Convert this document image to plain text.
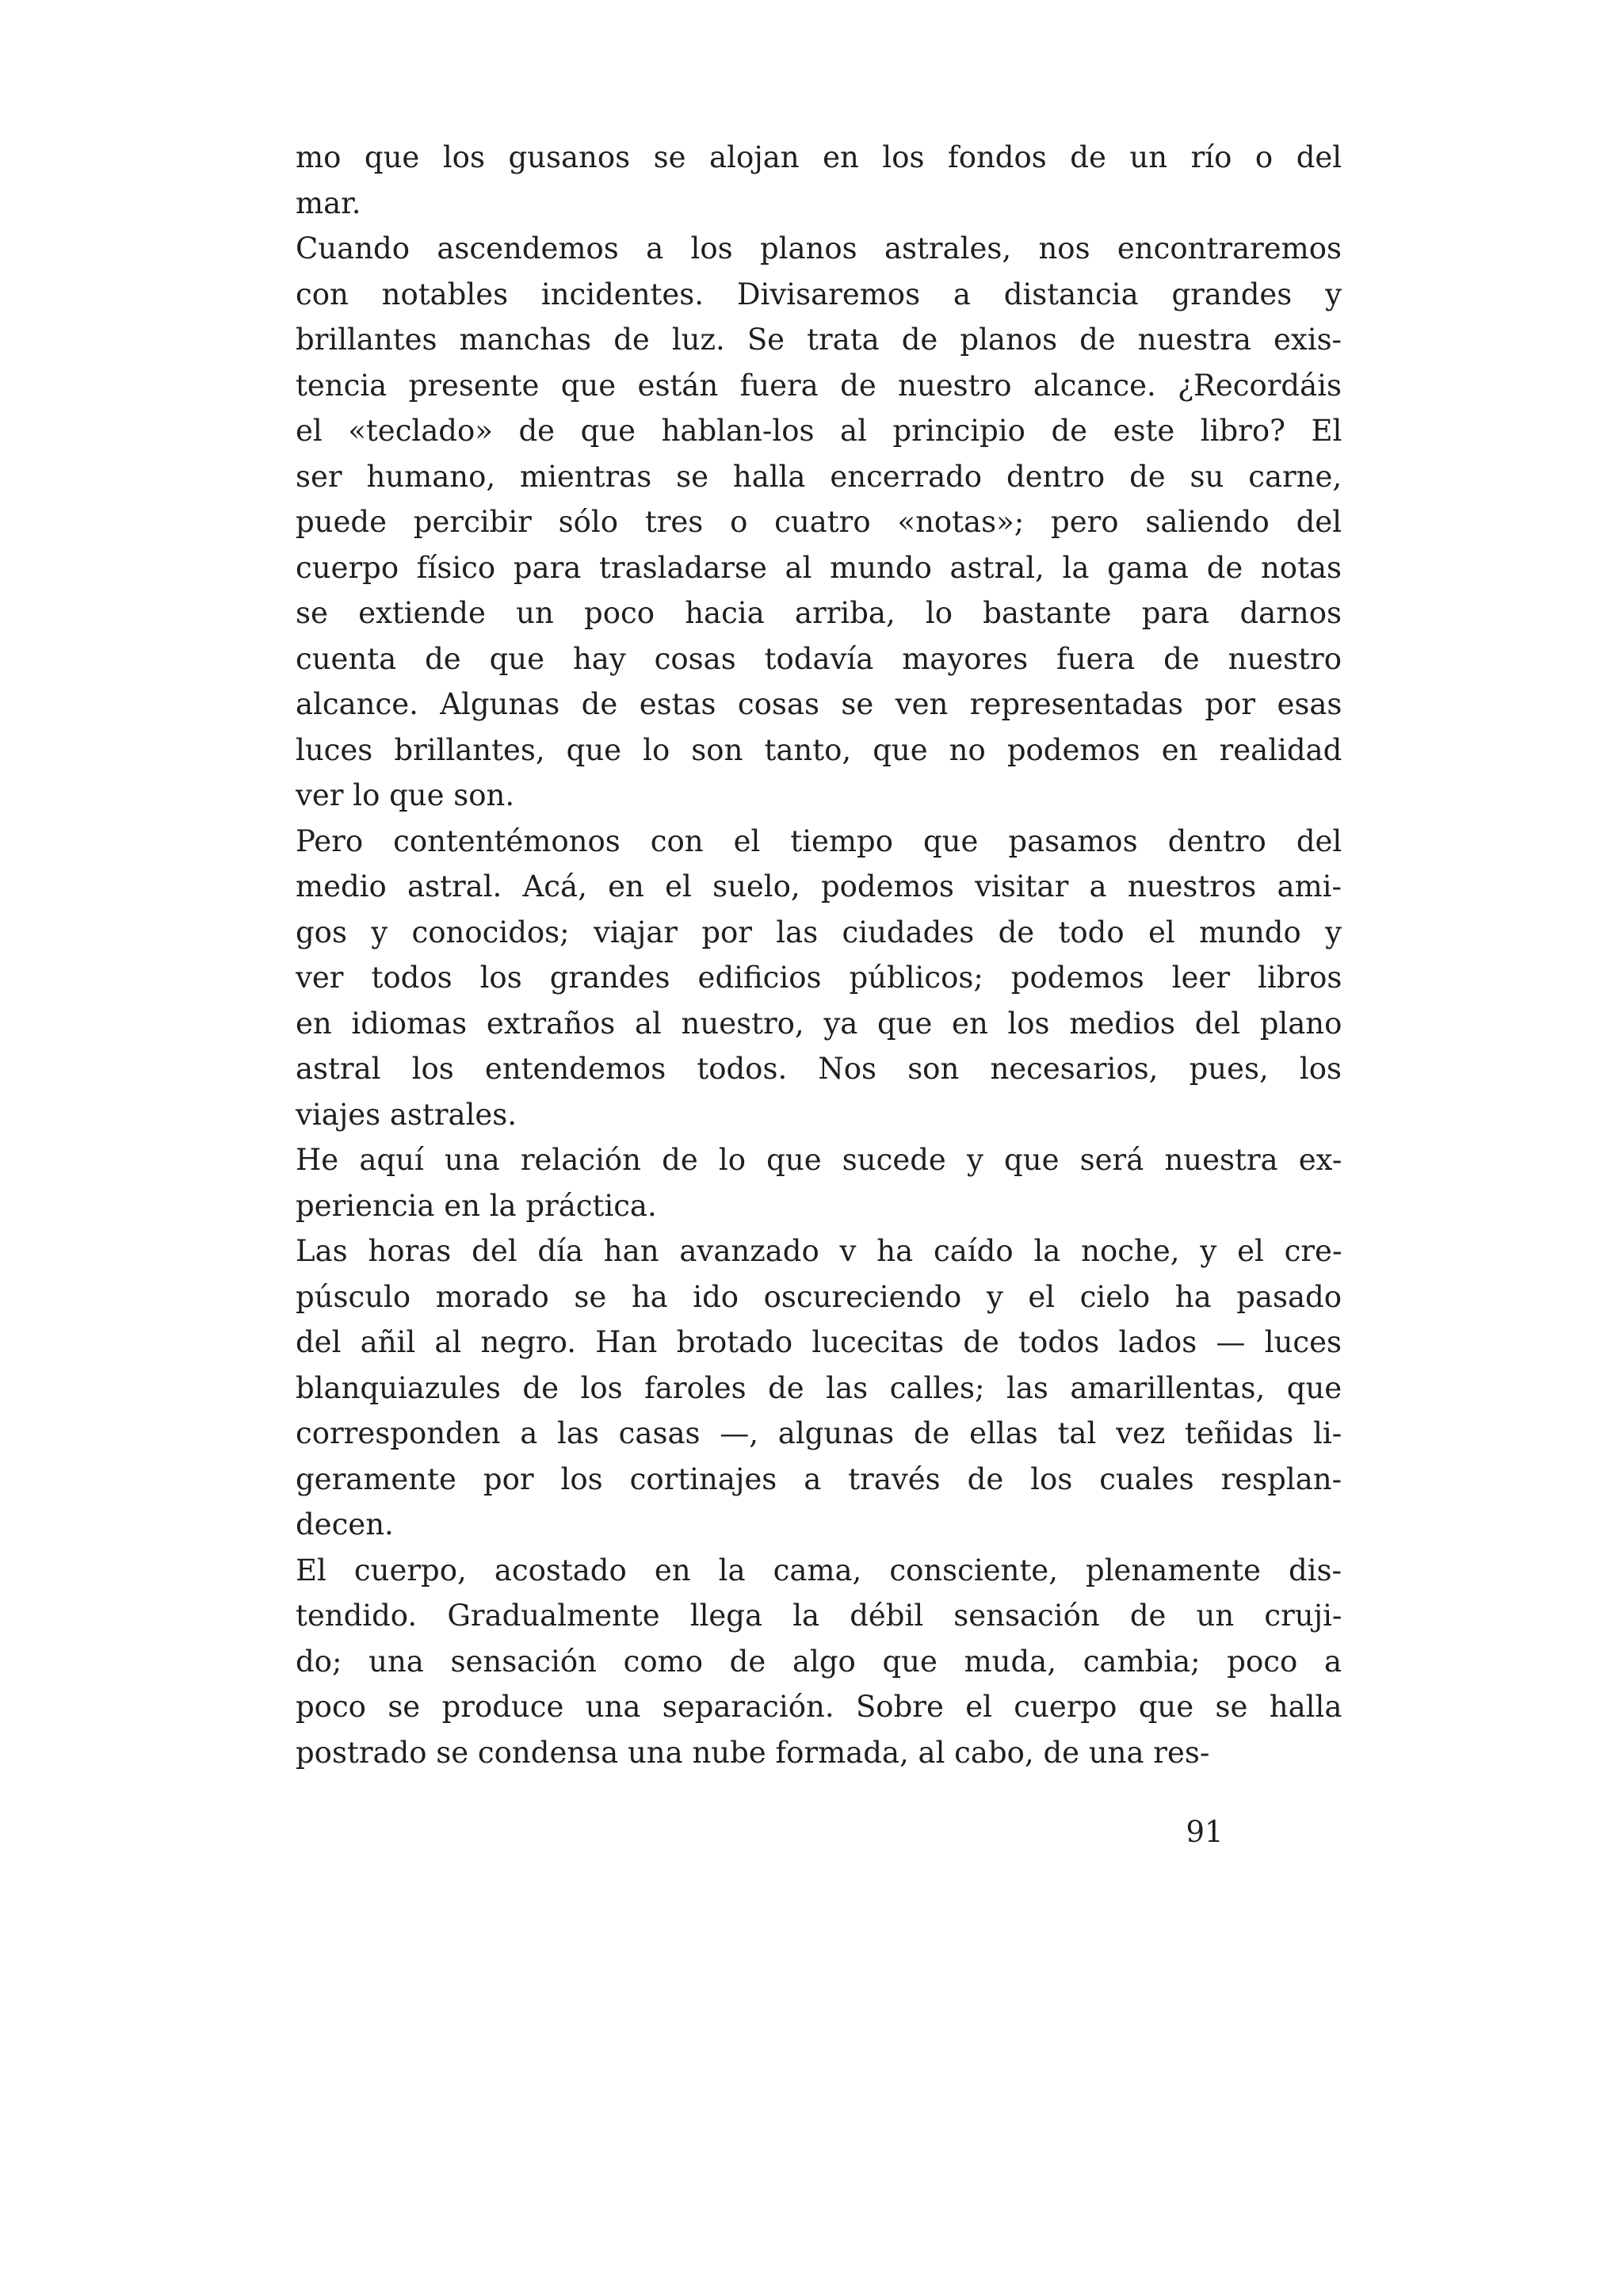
mo que los gusanos se alojan en los fondos de un río o del
mar.
Cuando ascendemos a los planos astrales, nos encontraremos
con notables incidentes. Divisaremos a distancia grandes y
brillantes manchas de luz. Se trata de planos de nuestra exis-
tencia presente que están fuera de nuestro alcance. ¿Recordáis
el «teclado» de que hablan-los al principio de este libro? El
ser humano, mientras se halla encerrado dentro de su carne,
puede percibir sólo tres o cuatro «notas»; pero saliendo del
cuerpo físico para trasladarse al mundo astral, la gama de notas
se extiende un poco hacia arriba, lo bastante para darnos
cuenta de que hay cosas todavía mayores fuera de nuestro
alcance. Algunas de estas cosas se ven representadas por esas
luces brillantes, que lo son tanto, que no podemos en realidad
ver lo que son.
Pero contentémonos con el tiempo que pasamos dentro del
medio astral. Acá, en el suelo, podemos visitar a nuestros ami-
gos y conocidos; viajar por las ciudades de todo el mundo y
ver todos los grandes edificios públicos; podemos leer libros
en idiomas extraños al nuestro, ya que en los medios del plano
astral los entendemos todos. Nos son necesarios, pues, los
viajes astrales.
He aquí una relación de lo que sucede y que será nuestra ex-
periencia en la práctica.
Las horas del día han avanzado v ha caído la noche, y el cre-
púsculo morado se ha ido oscureciendo y el cielo ha pasado
del añil al negro. Han brotado lucecitas de todos lados — luces
blanquiazules de los faroles de las calles; las amarillentas, que
corresponden a las casas —, algunas de ellas tal vez teñidas li-
geramente por los cortinajes a través de los cuales resplan-
decen.
El cuerpo, acostado en la cama, consciente, plenamente dis-
tendido. Gradualmente llega la débil sensación de un cruji-
do; una sensación como de algo que muda, cambia; poco a
poco se produce una separación. Sobre el cuerpo que se halla
postrado se condensa una nube formada, al cabo, de una res-
91
